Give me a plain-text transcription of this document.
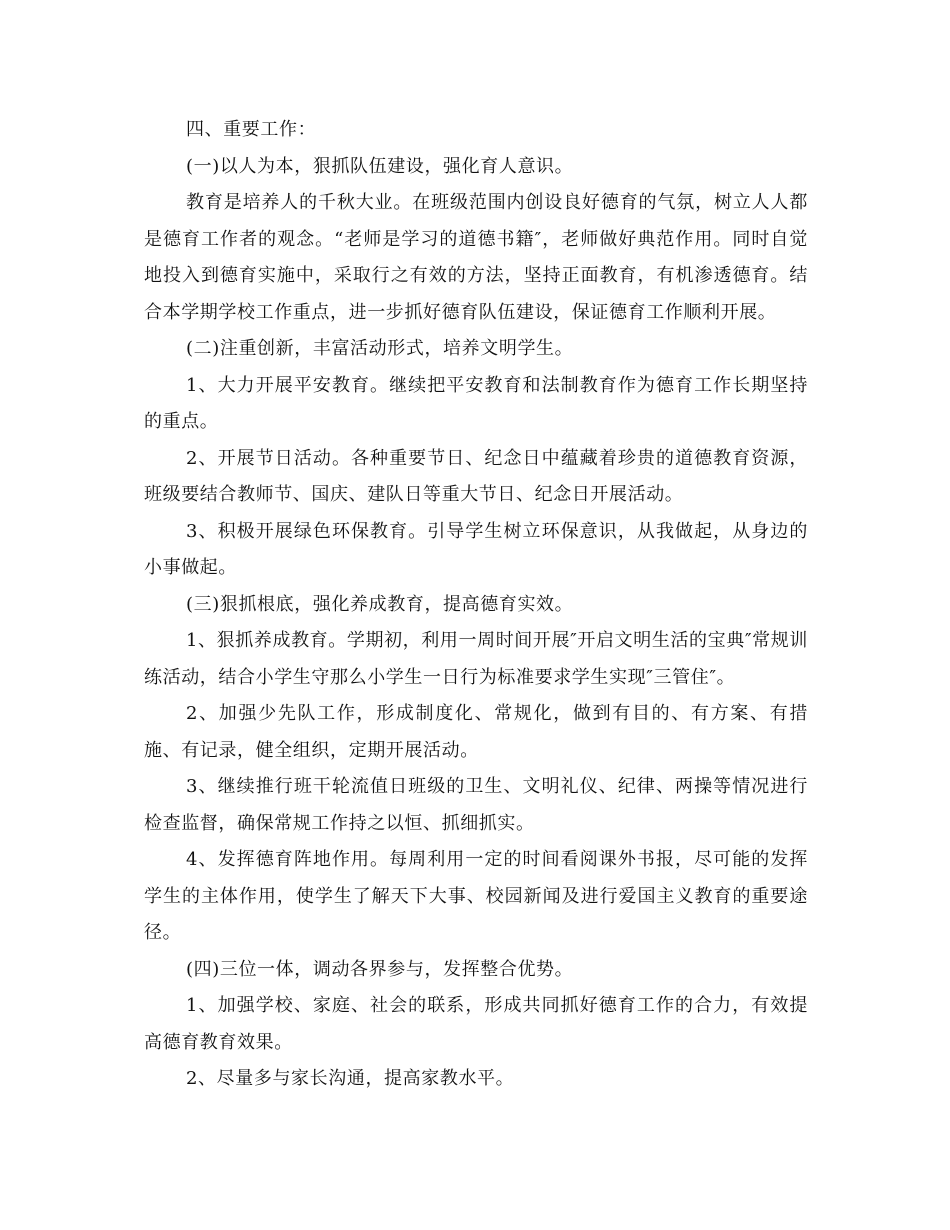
四、重要工作：

(一)以人为本，狠抓队伍建设，强化育人意识。

教育是培养人的千秋大业。在班级范围内创设良好德育的气氛，树立人人都是德育工作者的观念。“老师是学习的道德书籍″，老师做好典范作用。同时自觉地投入到德育实施中，采取行之有效的方法，坚持正面教育，有机渗透德育。结合本学期学校工作重点，进一步抓好德育队伍建设，保证德育工作顺利开展。

(二)注重创新，丰富活动形式，培养文明学生。

1、大力开展平安教育。继续把平安教育和法制教育作为德育工作长期坚持的重点。

2、开展节日活动。各种重要节日、纪念日中蕴藏着珍贵的道德教育资源，班级要结合教师节、国庆、建队日等重大节日、纪念日开展活动。

3、积极开展绿色环保教育。引导学生树立环保意识，从我做起，从身边的小事做起。

(三)狠抓根底，强化养成教育，提高德育实效。

1、狠抓养成教育。学期初，利用一周时间开展″开启文明生活的宝典″常规训练活动，结合小学生守那么小学生一日行为标准要求学生实现″三管住″。

2、加强少先队工作，形成制度化、常规化，做到有目的、有方案、有措施、有记录，健全组织，定期开展活动。

3、继续推行班干轮流值日班级的卫生、文明礼仪、纪律、两操等情况进行检查监督，确保常规工作持之以恒、抓细抓实。

4、发挥德育阵地作用。每周利用一定的时间看阅课外书报，尽可能的发挥学生的主体作用，使学生了解天下大事、校园新闻及进行爱国主义教育的重要途径。

(四)三位一体，调动各界参与，发挥整合优势。

1、加强学校、家庭、社会的联系，形成共同抓好德育工作的合力，有效提高德育教育效果。

2、尽量多与家长沟通，提高家教水平。
